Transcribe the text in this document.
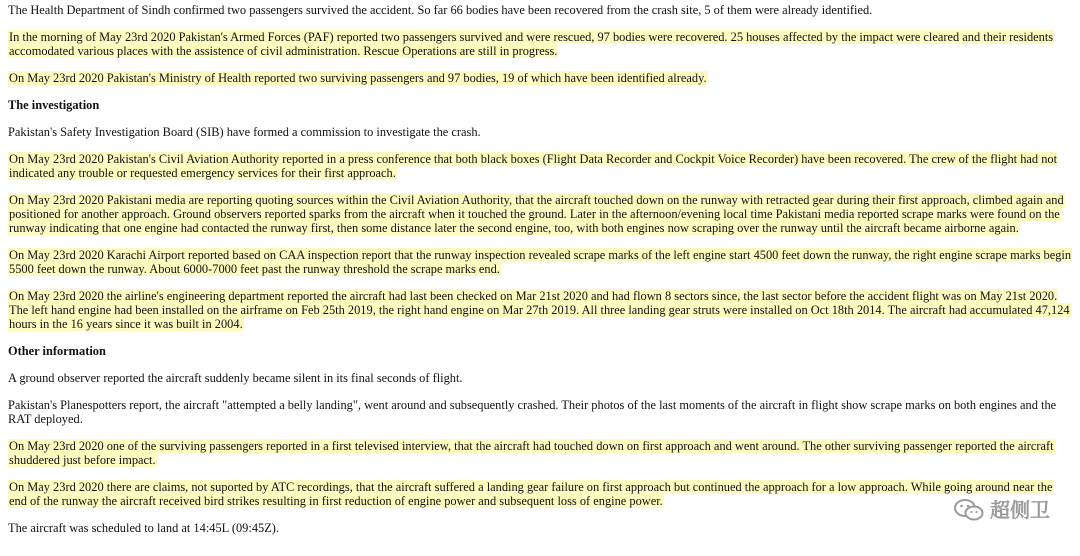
The Health Department of Sindh confirmed two passengers survived the accident. So far 66 bodies have been recovered from the crash site, 5 of them were already identified.

In the morning of May 23rd 2020 Pakistan's Armed Forces (PAF) reported two passengers survived and were rescued, 97 bodies were recovered. 25 houses affected by the impact were cleared and their residents accomodated various places with the assistence of civil administration. Rescue Operations are still in progress.

On May 23rd 2020 Pakistan's Ministry of Health reported two surviving passengers and 97 bodies, 19 of which have been identified already.

The investigation

Pakistan's Safety Investigation Board (SIB) have formed a commission to investigate the crash.

On May 23rd 2020 Pakistan's Civil Aviation Authority reported in a press conference that both black boxes (Flight Data Recorder and Cockpit Voice Recorder) have been recovered. The crew of the flight had not indicated any trouble or requested emergency services for their first approach.

On May 23rd 2020 Pakistani media are reporting quoting sources within the Civil Aviation Authority, that the aircraft touched down on the runway with retracted gear during their first approach, climbed again and positioned for another approach. Ground observers reported sparks from the aircraft when it touched the ground. Later in the afternoon/evening local time Pakistani media reported scrape marks were found on the runway indicating that one engine had contacted the runway first, then some distance later the second engine, too, with both engines now scraping over the runway until the aircraft became airborne again.

On May 23rd 2020 Karachi Airport reported based on CAA inspection report that the runway inspection revealed scrape marks of the left engine start 4500 feet down the runway, the right engine scrape marks begin 5500 feet down the runway. About 6000-7000 feet past the runway threshold the scrape marks end.

On May 23rd 2020 the airline's engineering department reported the aircraft had last been checked on Mar 21st 2020 and had flown 8 sectors since, the last sector before the accident flight was on May 21st 2020. The left hand engine had been installed on the airframe on Feb 25th 2019, the right hand engine on Mar 27th 2019. All three landing gear struts were installed on Oct 18th 2014. The aircraft had accumulated 47,124 hours in the 16 years since it was built in 2004.

Other information

A ground observer reported the aircraft suddenly became silent in its final seconds of flight.

Pakistan's Planespotters report, the aircraft "attempted a belly landing", went around and subsequently crashed. Their photos of the last moments of the aircraft in flight show scrape marks on both engines and the RAT deployed.

On May 23rd 2020 one of the surviving passengers reported in a first televised interview, that the aircraft had touched down on first approach and went around. The other surviving passenger reported the aircraft shuddered just before impact.

On May 23rd 2020 there are claims, not suported by ATC recordings, that the aircraft suffered a landing gear failure on first approach but continued the approach for a low approach. While going around near the end of the runway the aircraft received bird strikes resulting in first reduction of engine power and subsequent loss of engine power.

The aircraft was scheduled to land at 14:45L (09:45Z).

超侧卫
